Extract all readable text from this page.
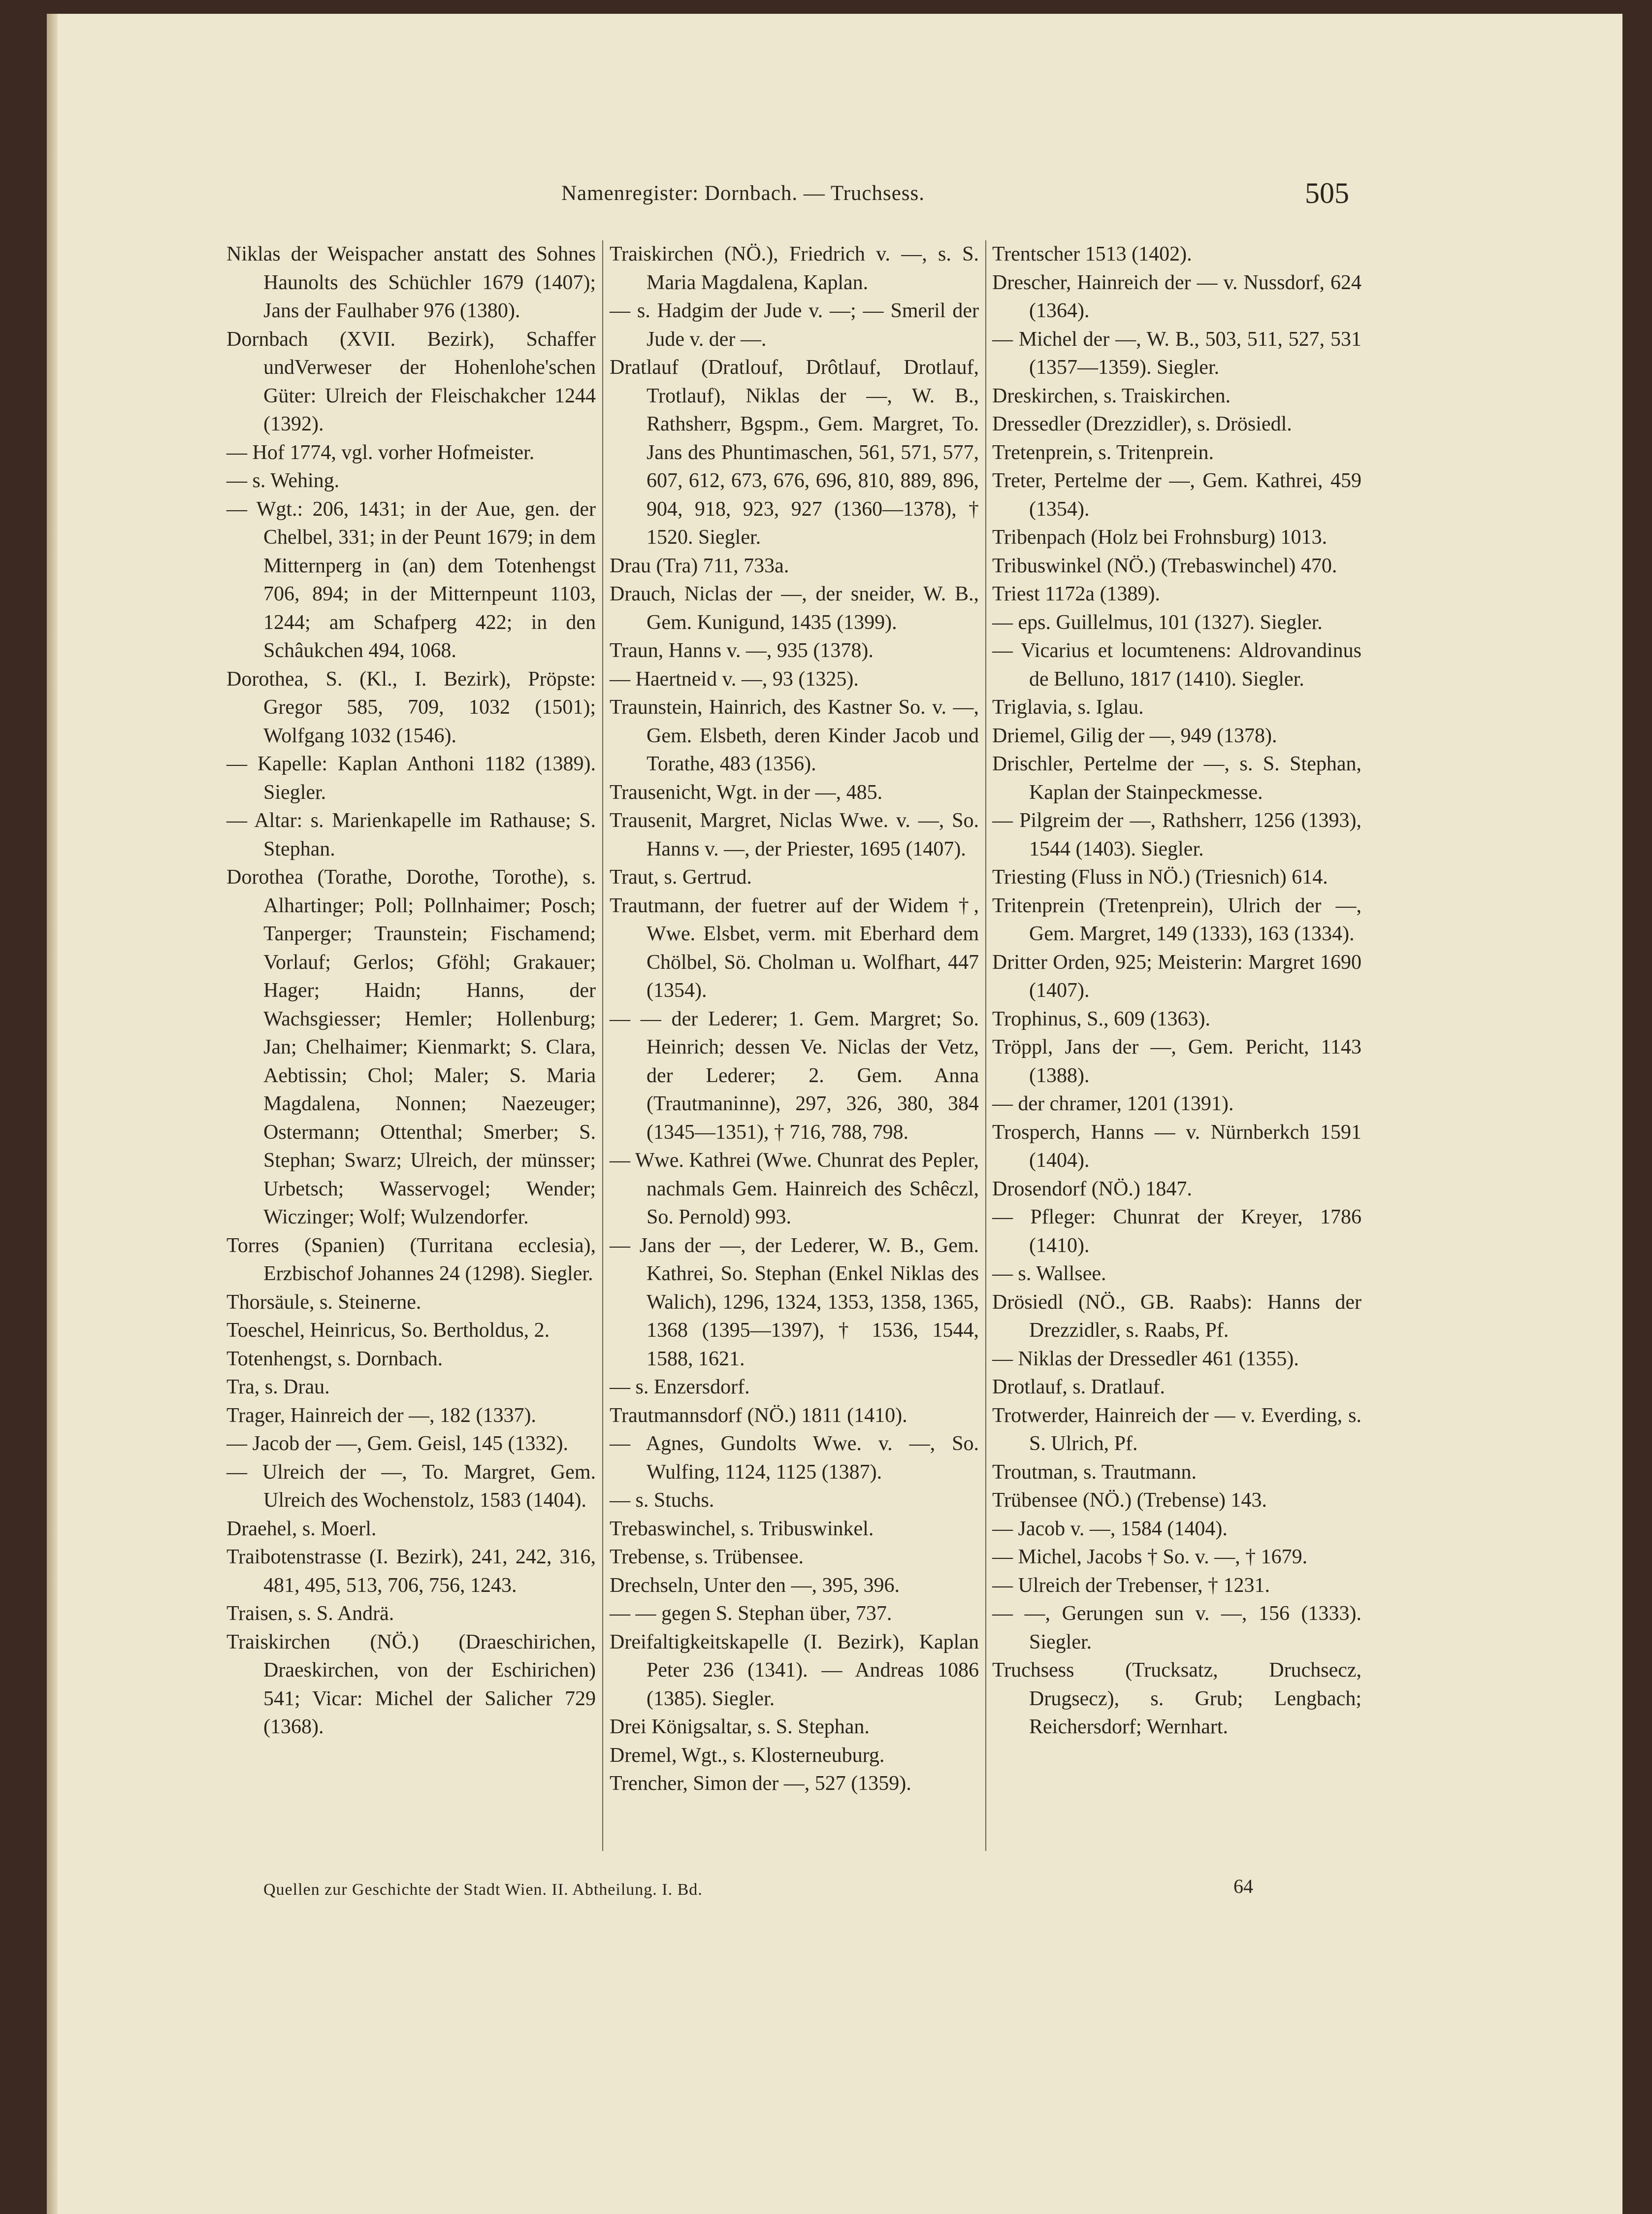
Namenregister: Dornbach. — Truchsess.	505
Niklas der Weispacher anstatt des Sohnes Haunolts des Schüchler 1679 (1407); Jans der Faulhaber 976 (1380).
Dornbach (XVII. Bezirk), Schaffer undVerweser der Hohenlohe'schen Güter: Ulreich der Fleischakcher 1244 (1392).
— Hof 1774, vgl. vorher Hofmeister.
— s. Wehing.
— Wgt.: 206, 1431; in der Aue, gen. der Chelbel, 331; in der Peunt 1679; in dem Mitternperg in (an) dem Totenhengst 706, 894; in der Mitternpeunt 1103, 1244; am Schafperg 422; in den Schâukchen 494, 1068.
Dorothea, S. (Kl., I. Bezirk), Pröpste: Gregor 585, 709, 1032 (1501); Wolfgang 1032 (1546).
— Kapelle: Kaplan Anthoni 1182 (1389). Siegler.
— Altar: s. Marienkapelle im Rathause; S. Stephan.
Dorothea (Torathe, Dorothe, Torothe), s. Alhartinger; Poll; Pollnhaimer; Posch; Tanperger; Traunstein; Fischamend; Vorlauf; Gerlos; Gföhl; Grakauer; Hager; Haidn; Hanns, der Wachsgiesser; Hemler; Hollenburg; Jan; Chelhaimer; Kienmarkt; S. Clara, Aebtissin; Chol; Maler; S. Maria Magdalena, Nonnen; Naezeuger; Ostermann; Ottenthal; Smerber; S. Stephan; Swarz; Ulreich, der münsser; Urbetsch; Wasservogel; Wender; Wiczinger; Wolf; Wulzendorfer.
Torres (Spanien) (Turritana ecclesia), Erzbischof Johannes 24 (1298). Siegler.
Thorsäule, s. Steinerne.
Toeschel, Heinricus, So. Bertholdus, 2.
Totenhengst, s. Dornbach.
Tra, s. Drau.
Trager, Hainreich der —, 182 (1337).
— Jacob der —, Gem. Geisl, 145 (1332).
— Ulreich der —, To. Margret, Gem. Ulreich des Wochenstolz, 1583 (1404).
Draehel, s. Moerl.
Traibotenstrasse (I. Bezirk), 241, 242, 316, 481, 495, 513, 706, 756, 1243.
Traisen, s. S. Andrä.
Traiskirchen (NÖ.) (Draeschirichen, Draeskirchen, von der Eschirichen) 541; Vicar: Michel der Salicher 729 (1368).
Traiskirchen (NÖ.), Friedrich v. —, s. S. Maria Magdalena, Kaplan.
— s. Hadgim der Jude v. —; — Smeril der Jude v. der —.
Dratlauf (Dratlouf, Drôtlauf, Drotlauf, Trotlauf), Niklas der —, W. B., Rathsherr, Bgspm., Gem. Margret, To. Jans des Phuntimaschen, 561, 571, 577, 607, 612, 673, 676, 696, 810, 889, 896, 904, 918, 923, 927 (1360—1378), † 1520. Siegler.
Drau (Tra) 711, 733a.
Drauch, Niclas der —, der sneider, W. B., Gem. Kunigund, 1435 (1399).
Traun, Hanns v. —, 935 (1378).
— Haertneid v. —, 93 (1325).
Traunstein, Hainrich, des Kastner So. v. —, Gem. Elsbeth, deren Kinder Jacob und Torathe, 483 (1356).
Trausenicht, Wgt. in der —, 485.
Trausenit, Margret, Niclas Wwe. v. —, So. Hanns v. —, der Priester, 1695 (1407).
Traut, s. Gertrud.
Trautmann, der fuetrer auf der Widem †, Wwe. Elsbet, verm. mit Eberhard dem Chölbel, Sö. Cholman u. Wolfhart, 447 (1354).
— — der Lederer; 1. Gem. Margret; So. Heinrich; dessen Ve. Niclas der Vetz, der Lederer; 2. Gem. Anna (Trautmaninne), 297, 326, 380, 384 (1345—1351), † 716, 788, 798.
— Wwe. Kathrei (Wwe. Chunrat des Pepler, nachmals Gem. Hainreich des Schêczl, So. Pernold) 993.
— Jans der —, der Lederer, W. B., Gem. Kathrei, So. Stephan (Enkel Niklas des Walich), 1296, 1324, 1353, 1358, 1365, 1368 (1395—1397), † 1536, 1544, 1588, 1621.
— s. Enzersdorf.
Trautmannsdorf (NÖ.) 1811 (1410).
— Agnes, Gundolts Wwe. v. —, So. Wulfing, 1124, 1125 (1387).
— s. Stuchs.
Trebaswinchel, s. Tribuswinkel.
Trebense, s. Trübensee.
Drechseln, Unter den —, 395, 396.
— — gegen S. Stephan über, 737.
Dreifaltigkeitskapelle (I. Bezirk), Kaplan Peter 236 (1341). — Andreas 1086 (1385). Siegler.
Drei Königsaltar, s. S. Stephan.
Dremel, Wgt., s. Klosterneuburg.
Trencher, Simon der —, 527 (1359).
Trentscher 1513 (1402).
Drescher, Hainreich der — v. Nussdorf, 624 (1364).
— Michel der —, W. B., 503, 511, 527, 531 (1357—1359). Siegler.
Dreskirchen, s. Traiskirchen.
Dressedler (Drezzidler), s. Drösiedl.
Tretenprein, s. Tritenprein.
Treter, Pertelme der —, Gem. Kathrei, 459 (1354).
Tribenpach (Holz bei Frohnsburg) 1013.
Tribuswinkel (NÖ.) (Trebaswinchel) 470.
Triest 1172a (1389).
— eps. Guillelmus, 101 (1327). Siegler.
— Vicarius et locumtenens: Aldrovandinus de Belluno, 1817 (1410). Siegler.
Triglavia, s. Iglau.
Driemel, Gilig der —, 949 (1378).
Drischler, Pertelme der —, s. S. Stephan, Kaplan der Stainpeckmesse.
— Pilgreim der —, Rathsherr, 1256 (1393), 1544 (1403). Siegler.
Triesting (Fluss in NÖ.) (Triesnich) 614.
Tritenprein (Tretenprein), Ulrich der —, Gem. Margret, 149 (1333), 163 (1334).
Dritter Orden, 925; Meisterin: Margret 1690 (1407).
Trophinus, S., 609 (1363).
Tröppl, Jans der —, Gem. Pericht, 1143 (1388).
— der chramer, 1201 (1391).
Trosperch, Hanns — v. Nürnberkch 1591 (1404).
Drosendorf (NÖ.) 1847.
— Pfleger: Chunrat der Kreyer, 1786 (1410).
— s. Wallsee.
Drösiedl (NÖ., GB. Raabs): Hanns der Drezzidler, s. Raabs, Pf.
— Niklas der Dressedler 461 (1355).
Drotlauf, s. Dratlauf.
Trotwerder, Hainreich der — v. Everding, s. S. Ulrich, Pf.
Troutman, s. Trautmann.
Trübensee (NÖ.) (Trebense) 143.
— Jacob v. —, 1584 (1404).
— Michel, Jacobs † So. v. —, † 1679.
— Ulreich der Trebenser, † 1231.
— —, Gerungen sun v. —, 156 (1333). Siegler.
Truchsess (Trucksatz, Druchsecz, Drugsecz), s. Grub; Lengbach; Reichersdorf; Wernhart.
Quellen zur Geschichte der Stadt Wien. II. Abtheilung. I. Bd.	64
